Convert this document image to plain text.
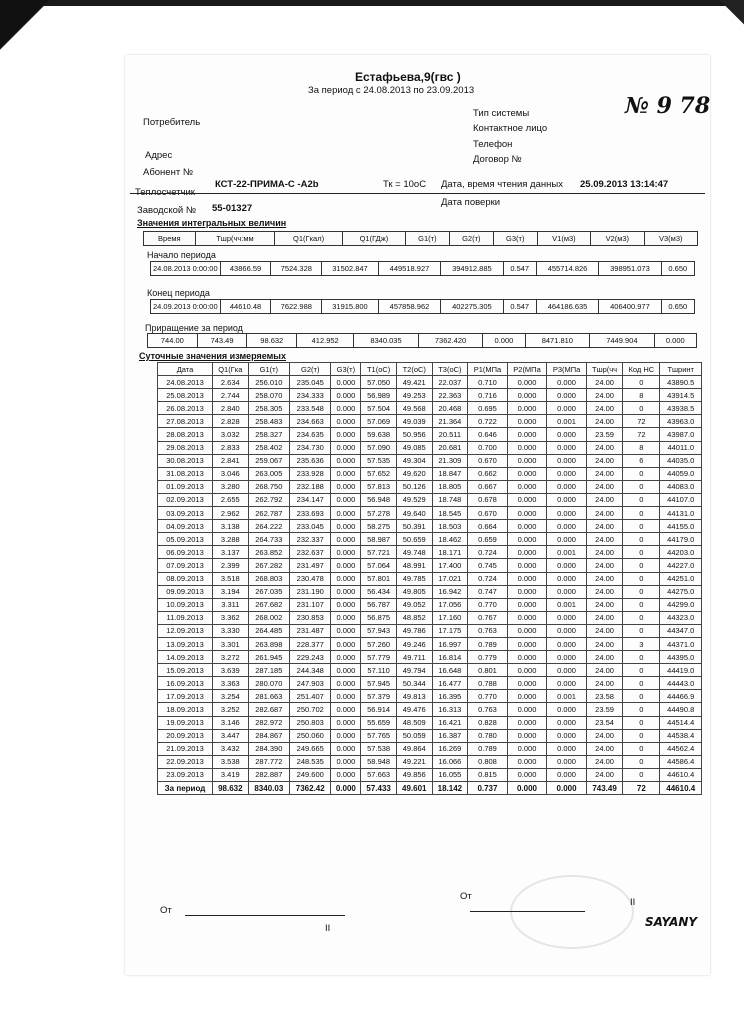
Естафьева,9(гвс )
За период с 24.08.2013 по 23.09.2013
№ 9 78
Потребитель
Адрес
Абонент №
Тип системы
Контактное лицо
Телефон
Договор №
Теплосчетчик
КСТ-22-ПРИМА-С -А2b
Заводской № 55-01327
Тк = 10оС Дата, время чтения данных 25.09.2013 13:14:47
Дата поверки
Значения интегральных величин
Время	Тшр(чч:мм	Q1(Гкал)	Q1(ГДж)	G1(т)	G2(т)	G3(т)	V1(м3)	V2(м3)	V3(м3)
Начало периода
24.08.2013 0:00:00	43866.59	7524.328	31502.847	449518.927	394912.885	0.547	455714.826	398951.073	0.650
Конец периода
24.09.2013 0:00:00	44610.48	7622.988	31915.800	457858.962	402275.305	0.547	464186.635	406400.977	0.650
Приращение за период
744.00	743.49	98.632	412.952	8340.035	7362.420	0.000	8471.810	7449.904	0.000
Суточные значения измеряемых
Дата	Q1(Гка	G1(т)	G2(т)	G3(т)	T1(оС)	T2(оС)	T3(оС)	P1(МПа	P2(МПа	P3(МПа	Тшр(чч	Код НС	Тшринт
24.08.2013	2.634	256.010	235.045	0.000	57.050	49.421	22.037	0.710	0.000	0.000	24.00	0	43890.5
25.08.2013	2.744	258.070	234.333	0.000	56.989	49.253	22.363	0.716	0.000	0.000	24.00	8	43914.5
26.08.2013	2.840	258.305	233.548	0.000	57.504	49.568	20.468	0.695	0.000	0.000	24.00	0	43938.5
27.08.2013	2.828	258.483	234.663	0.000	57.069	49.039	21.364	0.722	0.000	0.001	24.00	72	43963.0
28.08.2013	3.032	258.327	234.635	0.000	59.638	50.956	20.511	0.646	0.000	0.000	23.59	72	43987.0
29.08.2013	2.833	258.402	234.730	0.000	57.090	49.085	20.681	0.700	0.000	0.000	24.00	8	44011.0
30.08.2013	2.841	259.067	235.636	0.000	57.535	49.304	21.309	0.670	0.000	0.000	24.00	6	44035.0
31.08.2013	3.046	263.005	233.928	0.000	57.652	49.620	18.847	0.662	0.000	0.000	24.00	0	44059.0
01.09.2013	3.280	268.750	232.188	0.000	57.813	50.126	18.805	0.667	0.000	0.000	24.00	0	44083.0
02.09.2013	2.655	262.792	234.147	0.000	56.948	49.529	18.748	0.678	0.000	0.000	24.00	0	44107.0
03.09.2013	2.962	262.787	233.693	0.000	57.278	49.640	18.545	0.670	0.000	0.000	24.00	0	44131.0
04.09.2013	3.138	264.222	233.045	0.000	58.275	50.391	18.503	0.664	0.000	0.000	24.00	0	44155.0
05.09.2013	3.288	264.733	232.337	0.000	58.987	50.659	18.462	0.659	0.000	0.000	24.00	0	44179.0
06.09.2013	3.137	263.852	232.637	0.000	57.721	49.748	18.171	0.724	0.000	0.001	24.00	0	44203.0
07.09.2013	2.399	267.282	231.497	0.000	57.064	48.991	17.400	0.745	0.000	0.000	24.00	0	44227.0
08.09.2013	3.518	268.803	230.478	0.000	57.801	49.785	17.021	0.724	0.000	0.000	24.00	0	44251.0
09.09.2013	3.194	267.035	231.190	0.000	56.434	49.805	16.942	0.747	0.000	0.000	24.00	0	44275.0
10.09.2013	3.311	267.682	231.107	0.000	56.787	49.052	17.056	0.770	0.000	0.001	24.00	0	44299.0
11.09.2013	3.362	268.002	230.853	0.000	56.875	48.852	17.160	0.767	0.000	0.000	24.00	0	44323.0
12.09.2013	3.330	264.485	231.487	0.000	57.943	49.786	17.175	0.763	0.000	0.000	24.00	0	44347.0
13.09.2013	3.301	263.898	228.377	0.000	57.260	49.246	16.997	0.789	0.000	0.000	24.00	3	44371.0
14.09.2013	3.272	261.945	229.243	0.000	57.779	49.711	16.814	0.779	0.000	0.000	24.00	0	44395.0
15.09.2013	3.639	287.185	244.348	0.000	57.110	49.794	16.648	0.801	0.000	0.000	24.00	0	44419.0
16.09.2013	3.363	280.070	247.903	0.000	57.945	50.344	16.477	0.788	0.000	0.000	24.00	0	44443.0
17.09.2013	3.254	281.663	251.407	0.000	57.379	49.813	16.395	0.770	0.000	0.001	23.58	0	44466.9
18.09.2013	3.252	282.687	250.702	0.000	56.914	49.476	16.313	0.763	0.000	0.000	23.59	0	44490.8
19.09.2013	3.146	282.972	250.803	0.000	55.659	48.509	16.421	0.828	0.000	0.000	23.54	0	44514.4
20.09.2013	3.447	284.867	250.060	0.000	57.765	50.059	16.387	0.780	0.000	0.000	24.00	0	44538.4
21.09.2013	3.432	284.390	249.665	0.000	57.538	49.864	16.269	0.789	0.000	0.000	24.00	0	44562.4
22.09.2013	3.538	287.772	248.535	0.000	58.948	49.221	16.066	0.808	0.000	0.000	24.00	0	44586.4
23.09.2013	3.419	282.887	249.600	0.000	57.663	49.856	16.055	0.815	0.000	0.000	24.00	0	44610.4
За период	98.632	8340.03	7362.42	0.000	57.433	49.601	18.142	0.737	0.000	0.000	743.49	72	44610.4
От
II
От
II
SAYANY
